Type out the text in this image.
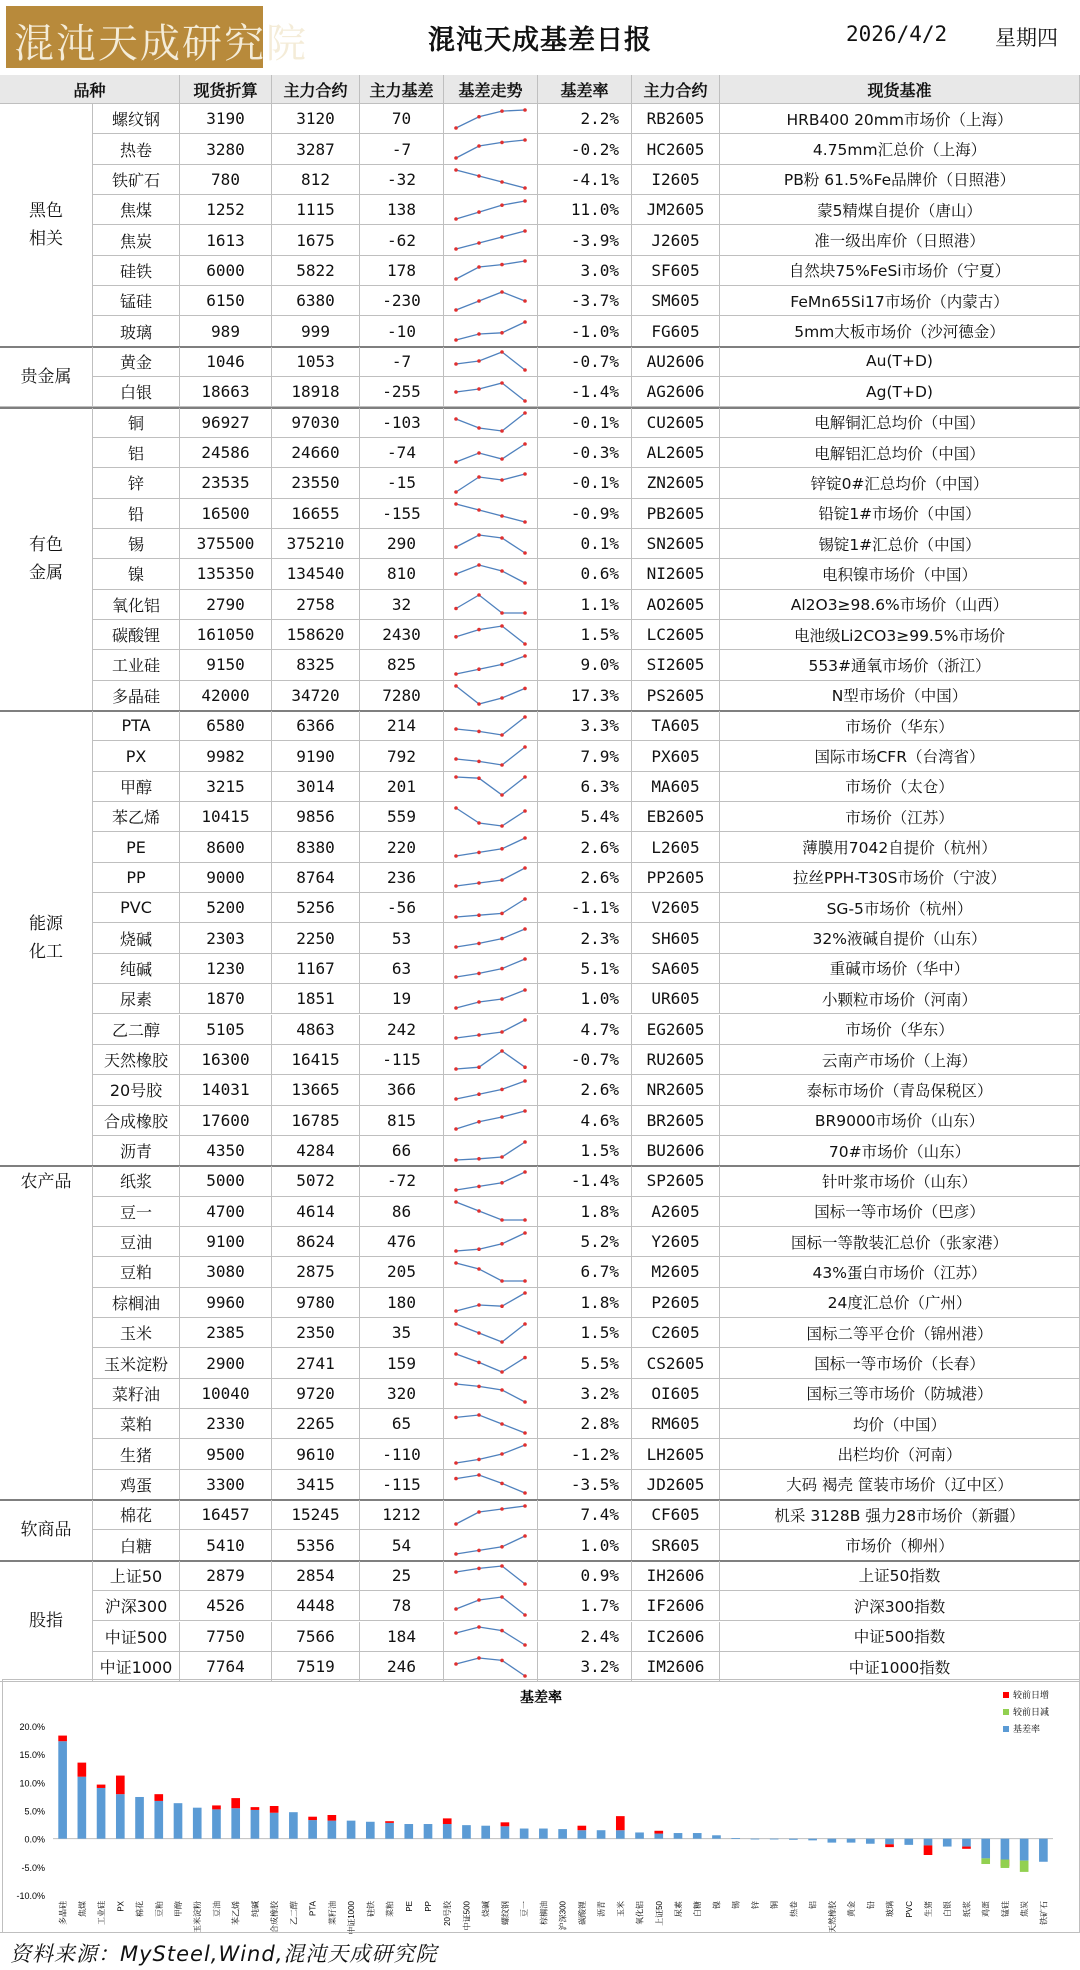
混沌天成研究院	混沌天成基差日报	2026/4/2 星期四
品种	现货折算	主力合约	主力基差	基差走势	基差率	主力合约	现货基准
黑色
相关
螺纹钢	3190	3120	70	2.2%	RB2605	HRB400 20mm市场价（上海）
热卷	3280	3287	-7	-0.2%	HC2605	4.75mm汇总价（上海）
铁矿石	780	812	-32	-4.1%	I2605	PB粉 61.5%Fe品牌价（日照港）
焦煤	1252	1115	138	11.0%	JM2605	蒙5精煤自提价（唐山）
焦炭	1613	1675	-62	-3.9%	J2605	准一级出库价（日照港）
硅铁	6000	5822	178	3.0%	SF605	自然块75%FeSi市场价（宁夏）
锰硅	6150	6380	-230	-3.7%	SM605	FeMn65Si17市场价（内蒙古）
玻璃	989	999	-10	-1.0%	FG605	5mm大板市场价（沙河德金）
贵金属
黄金	1046	1053	-7	-0.7%	AU2606	Au(T+D)
白银	18663	18918	-255	-1.4%	AG2606	Ag(T+D)
有色
金属
铜	96927	97030	-103	-0.1%	CU2605	电解铜汇总均价（中国）
铝	24586	24660	-74	-0.3%	AL2605	电解铝汇总均价（中国）
锌	23535	23550	-15	-0.1%	ZN2605	锌锭0#汇总均价（中国）
铅	16500	16655	-155	-0.9%	PB2605	铅锭1#市场价（中国）
锡	375500	375210	290	0.1%	SN2605	锡锭1#汇总价（中国）
镍	135350	134540	810	0.6%	NI2605	电积镍市场价（中国）
氧化铝	2790	2758	32	1.1%	AO2605	Al2O3≥98.6%市场价（山西）
碳酸锂	161050	158620	2430	1.5%	LC2605	电池级Li2CO3≥99.5%市场价
工业硅	9150	8325	825	9.0%	SI2605	553#通氧市场价（浙江）
多晶硅	42000	34720	7280	17.3%	PS2605	N型市场价（中国）
能源
化工
PTA	6580	6366	214	3.3%	TA605	市场价（华东）
PX	9982	9190	792	7.9%	PX605	国际市场CFR（台湾省）
甲醇	3215	3014	201	6.3%	MA605	市场价（太仓）
苯乙烯	10415	9856	559	5.4%	EB2605	市场价（江苏）
PE	8600	8380	220	2.6%	L2605	薄膜用7042自提价（杭州）
PP	9000	8764	236	2.6%	PP2605	拉丝PPH-T30S市场价（宁波）
PVC	5200	5256	-56	-1.1%	V2605	SG-5市场价（杭州）
烧碱	2303	2250	53	2.3%	SH605	32%液碱自提价（山东）
纯碱	1230	1167	63	5.1%	SA605	重碱市场价（华中）
尿素	1870	1851	19	1.0%	UR605	小颗粒市场价（河南）
乙二醇	5105	4863	242	4.7%	EG2605	市场价（华东）
天然橡胶	16300	16415	-115	-0.7%	RU2605	云南产市场价（上海）
20号胶	14031	13665	366	2.6%	NR2605	泰标市场价（青岛保税区）
合成橡胶	17600	16785	815	4.6%	BR2605	BR9000市场价（山东）
沥青	4350	4284	66	1.5%	BU2606	70#市场价（山东）
农产品	纸浆	5000	5072	-72	-1.4%	SP2605	针叶浆市场价（山东）
豆一	4700	4614	86	1.8%	A2605	国标一等市场价（巴彦）
豆油	9100	8624	476	5.2%	Y2605	国标一等散装汇总价（张家港）
豆粕	3080	2875	205	6.7%	M2605	43%蛋白市场价（江苏）
棕榈油	9960	9780	180	1.8%	P2605	24度汇总价（广州）
玉米	2385	2350	35	1.5%	C2605	国标二等平仓价（锦州港）
玉米淀粉	2900	2741	159	5.5%	CS2605	国标一等市场价（长春）
菜籽油	10040	9720	320	3.2%	OI605	国标三等市场价（防城港）
菜粕	2330	2265	65	2.8%	RM605	均价（中国）
生猪	9500	9610	-110	-1.2%	LH2605	出栏均价（河南）
鸡蛋	3300	3415	-115	-3.5%	JD2605	大码 褐壳 筐装市场价（辽中区）
软商品
棉花	16457	15245	1212	7.4%	CF605	机采 3128B 强力28市场价（新疆）
白糖	5410	5356	54	1.0%	SR605	市场价（柳州）
股指
上证50	2879	2854	25	0.9%	IH2606	上证50指数
沪深300	4526	4448	78	1.7%	IF2606	沪深300指数
中证500	7750	7566	184	2.4%	IC2606	中证500指数
中证1000	7764	7519	246	3.2%	IM2606	中证1000指数
基差率
20.0%
15.0%
10.0%
5.0%
0.0%
-5.0%
-10.0%
多晶硅 焦煤 工业硅 PX 棉花 豆粕 甲醇 玉米淀粉 豆油 苯乙烯 纯碱 合成橡胶 乙二醇 PTA 菜籽油 中证1000 硅铁 菜粕 PE PP 20号胶 中证500 烧碱 螺纹钢 豆一 棕榈油 沪深300 碳酸锂 沥青 玉米 氧化铝 上证50 尿素 白糖 镍 锡 锌 铜 热卷 铝 天然橡胶 黄金 铅 玻璃 PVC 生猪 白银 纸浆 鸡蛋 锰硅 焦炭 铁矿石
较前日增
较前日减
基差率
资料来源：MySteel,Wind,混沌天成研究院
